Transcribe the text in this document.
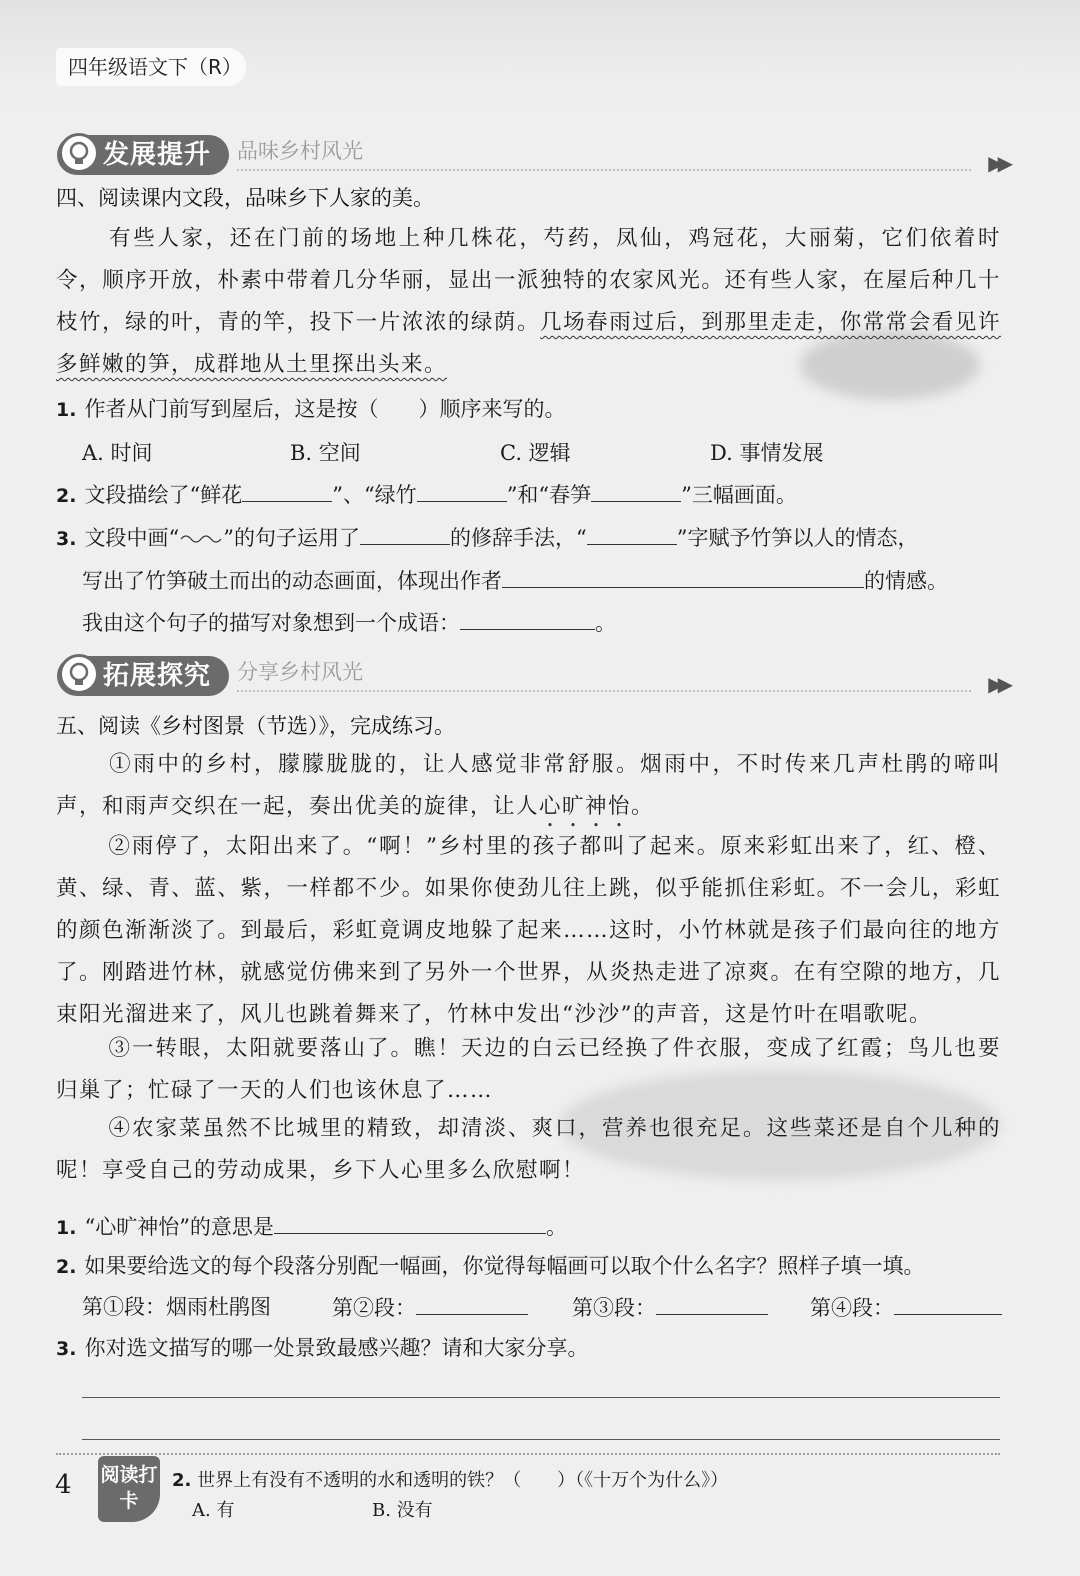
四年级语文下（R）
发展提升 品味乡村风光	▶▶
四、阅读课内文段，品味乡下人家的美。
有些人家，还在门前的场地上种几株花，芍药，凤仙，鸡冠花，大丽菊，它们依着时令，顺序开放，朴素中带着几分华丽，显出一派独特的农家风光。还有些人家，在屋后种几十枝竹，绿的叶，青的竿，投下一片浓浓的绿荫。几场春雨过后，到那里走走，你常常会看见许多鲜嫩的笋，成群地从土里探出头来。
1. 作者从门前写到屋后，这是按（ ）顺序来写的。
A. 时间	B. 空间	C. 逻辑	D. 事情发展
2. 文段描绘了“鲜花	”、“绿竹	”和“春笋	”三幅画面。
3. 文段中画“ ”的句子运用了	的修辞手法，“	”字赋予竹笋以人的情态，
写出了竹笋破土而出的动态画面，体现出作者	的情感。
我由这个句子的描写对象想到一个成语：	。
拓展探究 分享乡村风光	▶▶
五、阅读《乡村图景（节选）》，完成练习。
①雨中的乡村，朦朦胧胧的，让人感觉非常舒服。烟雨中，不时传来几声杜鹃的啼叫声，和雨声交织在一起，奏出优美的旋律，让人心旷神怡。
②雨停了，太阳出来了。“啊！”乡村里的孩子都叫了起来。原来彩虹出来了，红、橙、黄、绿、青、蓝、紫，一样都不少。如果你使劲儿往上跳，似乎能抓住彩虹。不一会儿，彩虹的颜色渐渐淡了。到最后，彩虹竟调皮地躲了起来……这时，小竹林就是孩子们最向往的地方了。刚踏进竹林，就感觉仿佛来到了另外一个世界，从炎热走进了凉爽。在有空隙的地方，几束阳光溜进来了，风儿也跳着舞来了，竹林中发出“沙沙”的声音，这是竹叶在唱歌呢。
③一转眼，太阳就要落山了。瞧！天边的白云已经换了件衣服，变成了红霞；鸟儿也要归巢了；忙碌了一天的人们也该休息了……
④农家菜虽然不比城里的精致，却清淡、爽口，营养也很充足。这些菜还是自个儿种的呢！享受自己的劳动成果，乡下人心里多么欣慰啊！
1. “心旷神怡”的意思是	。
2. 如果要给选文的每个段落分别配一幅画，你觉得每幅画可以取个什么名字？照样子填一填。
第①段：烟雨杜鹃图	第②段：	第③段：	第④段：
3. 你对选文描写的哪一处景致最感兴趣？请和大家分享。
4 阅读打卡
2. 世界上有没有不透明的水和透明的铁？（　　）（《十万个为什么》）
A. 有	B. 没有
